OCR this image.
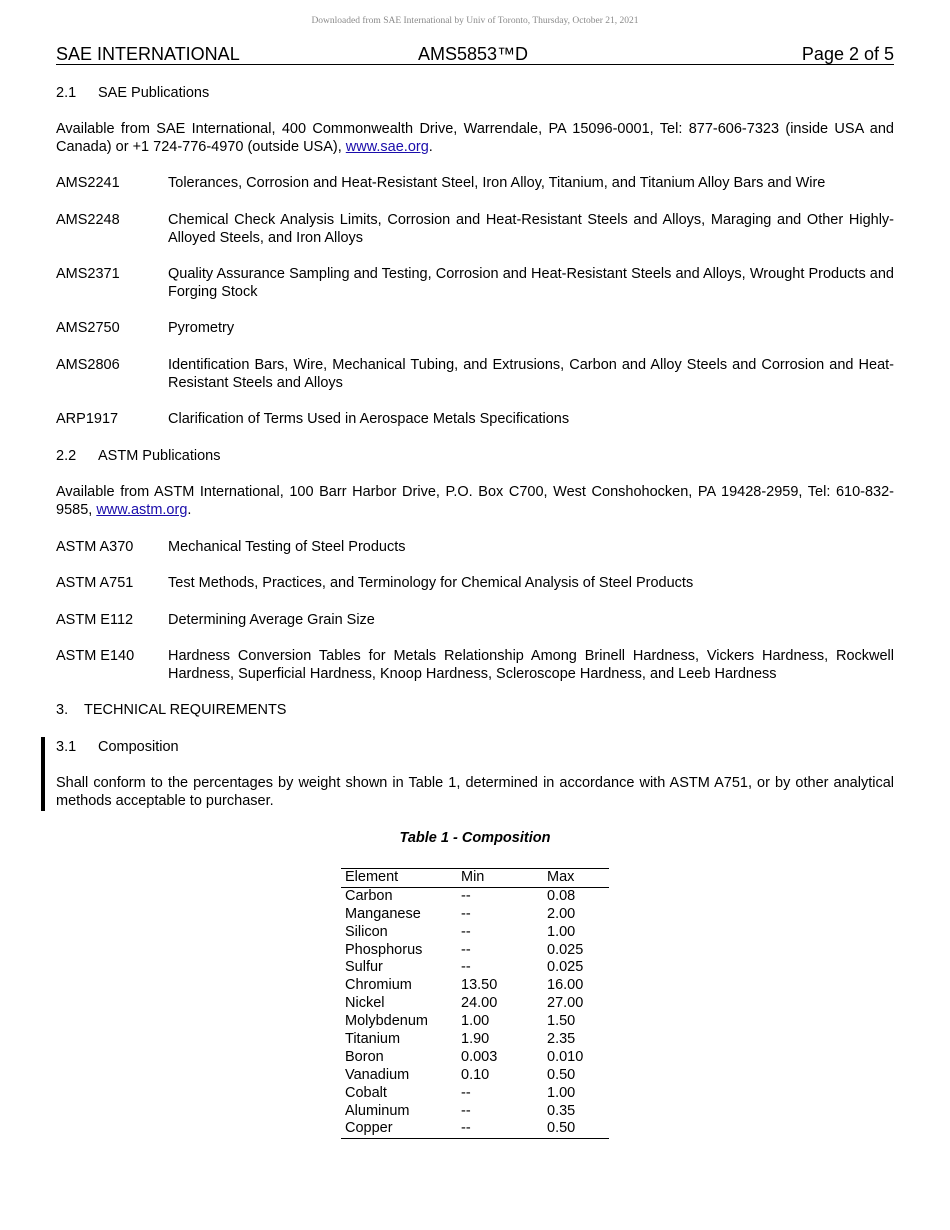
Downloaded from SAE International by Univ of Toronto, Thursday, October 21, 2021
SAE INTERNATIONAL	AMS5853™D	Page 2 of 5
2.1 SAE Publications
Available from SAE International, 400 Commonwealth Drive, Warrendale, PA 15096-0001, Tel: 877-606-7323 (inside USA and Canada) or +1 724-776-4970 (outside USA), www.sae.org.
AMS2241	Tolerances, Corrosion and Heat-Resistant Steel, Iron Alloy, Titanium, and Titanium Alloy Bars and Wire
AMS2248	Chemical Check Analysis Limits, Corrosion and Heat-Resistant Steels and Alloys, Maraging and Other Highly-Alloyed Steels, and Iron Alloys
AMS2371	Quality Assurance Sampling and Testing, Corrosion and Heat-Resistant Steels and Alloys, Wrought Products and Forging Stock
AMS2750	Pyrometry
AMS2806	Identification Bars, Wire, Mechanical Tubing, and Extrusions, Carbon and Alloy Steels and Corrosion and Heat-Resistant Steels and Alloys
ARP1917	Clarification of Terms Used in Aerospace Metals Specifications
2.2 ASTM Publications
Available from ASTM International, 100 Barr Harbor Drive, P.O. Box C700, West Conshohocken, PA 19428-2959, Tel: 610-832-9585, www.astm.org.
ASTM A370 Mechanical Testing of Steel Products
ASTM A751 Test Methods, Practices, and Terminology for Chemical Analysis of Steel Products
ASTM E112 Determining Average Grain Size
ASTM E140 Hardness Conversion Tables for Metals Relationship Among Brinell Hardness, Vickers Hardness, Rockwell Hardness, Superficial Hardness, Knoop Hardness, Scleroscope Hardness, and Leeb Hardness
3. TECHNICAL REQUIREMENTS
3.1 Composition
Shall conform to the percentages by weight shown in Table 1, determined in accordance with ASTM A751, or by other analytical methods acceptable to purchaser.
Table 1 - Composition
Element	Min	Max
Carbon	--	0.08
Manganese	--	2.00
Silicon	--	1.00
Phosphorus	--	0.025
Sulfur	--	0.025
Chromium	13.50	16.00
Nickel	24.00	27.00
Molybdenum 1.00	1.50
Titanium	1.90	2.35
Boron	0.003	0.010
Vanadium	0.10	0.50
Cobalt	--	1.00
Aluminum	--	0.35
Copper	--	0.50
